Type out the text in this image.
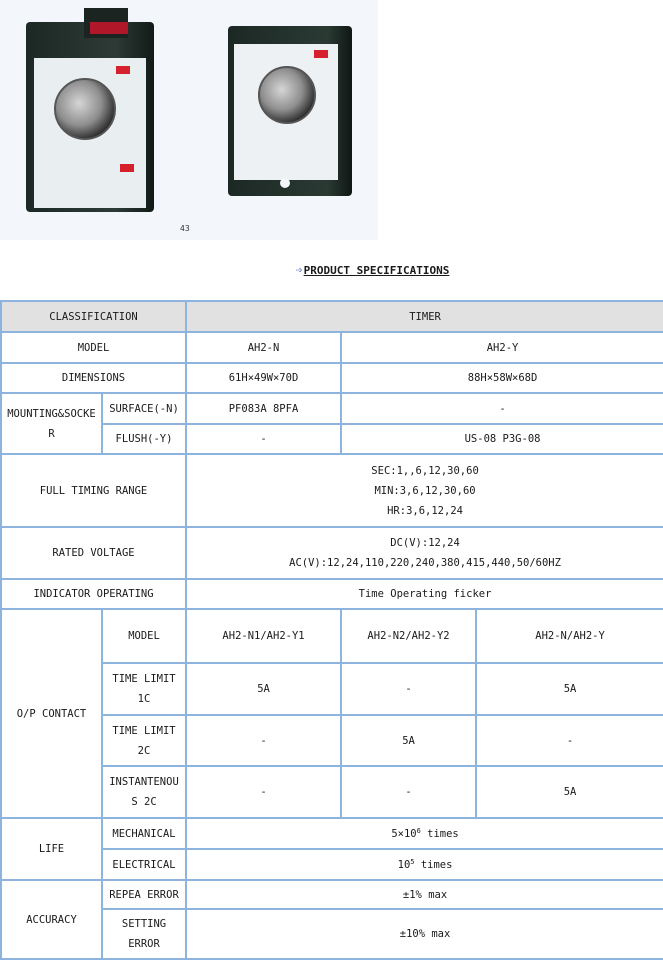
43
➩PRODUCT SPECIFICATIONS
CLASSIFICATION		TIMER		
MODEL		AH2-N	AH2-Y	
DIMENSIONS		61H×49W×70D	88H×58W×68D	
MOUNTING&SOCKE R	SURFACE(-N)	PF083A 8PFA	-	
	FLUSH(-Y)	-	US-08 P3G-08	
FULL TIMING RANGE		SEC:1,,6,12,30,60
MIN:3,6,12,30,60
HR:3,6,12,24		

RATED VOLTAGE		DC(V):12,24
AC(V):12,24,110,220,240,380,415,440,50/60HZ		

INDICATOR OPERATING		Time Operating ficker		
O/P CONTACT	MODEL	AH2-N1/AH2-Y1	AH2-N2/AH2-Y2	AH2-N/AH2-Y
	TIME LIMIT 1C	5A	-	5A
	TIME LIMIT 2C	-	5A	-
	INSTANTENOU S 2C	-	-	5A
LIFE	MECHANICAL	$5\times 10^6$ times		
	ELECTRICAL	$10^5$ times		
ACCURACY	REPEA ERROR	±1% max		
	SETTING ERROR	±10% max		
